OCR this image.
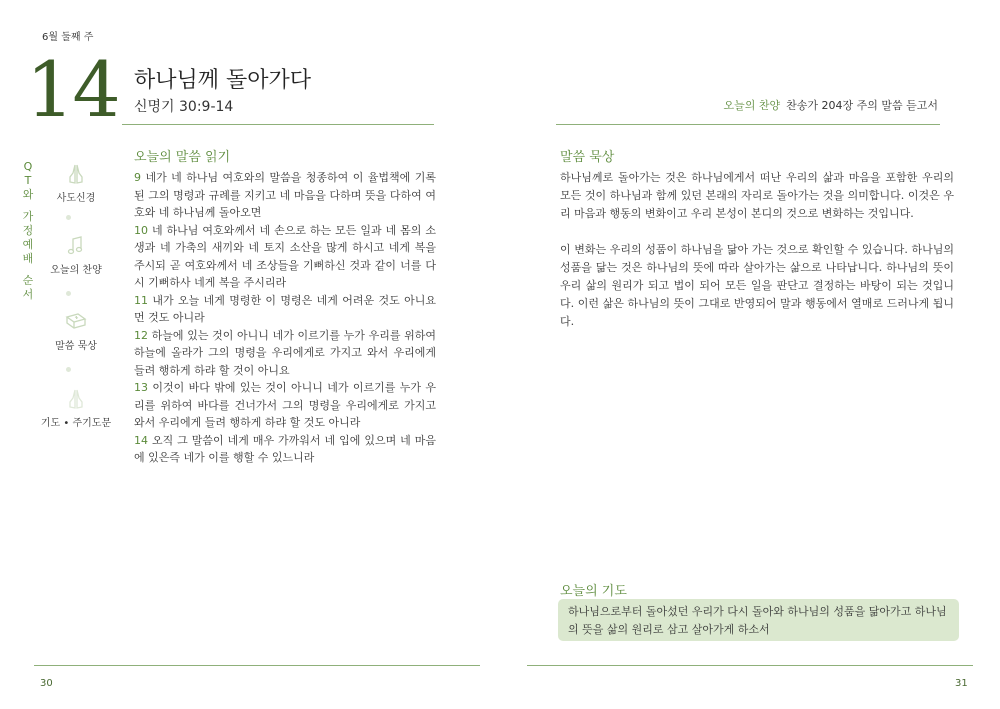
6월 둘째 주
14 하나님께 돌아가다
신명기 30:9-14
Q
T
와
가
정
예
배
순
서
사도신경
오늘의 찬양
말씀 묵상
기도 • 주기도문
오늘의 말씀 읽기
9 네가 네 하나님 여호와의 말씀을 청종하여 이 율법책에 기록된 그의 명령과 규례를 지키고 네 마음을 다하며 뜻을 다하여 여호와 네 하나님께 돌아오면
10 네 하나님 여호와께서 네 손으로 하는 모든 일과 네 몸의 소생과 네 가축의 새끼와 네 토지 소산을 많게 하시고 네게 복을 주시되 곧 여호와께서 네 조상들을 기뻐하신 것과 같이 너를 다시 기뻐하사 네게 복을 주시리라
11 내가 오늘 네게 명령한 이 명령은 네게 어려운 것도 아니요 먼 것도 아니라
12 하늘에 있는 것이 아니니 네가 이르기를 누가 우리를 위하여 하늘에 올라가 그의 명령을 우리에게로 가지고 와서 우리에게 들려 행하게 하랴 할 것이 아니요
13 이것이 바다 밖에 있는 것이 아니니 네가 이르기를 누가 우리를 위하여 바다를 건너가서 그의 명령을 우리에게로 가지고 와서 우리에게 들려 행하게 하랴 할 것도 아니라
14 오직 그 말씀이 네게 매우 가까워서 네 입에 있으며 네 마음에 있은즉 네가 이를 행할 수 있느니라
30
오늘의 찬양 찬송가 204장 주의 말씀 듣고서
말씀 묵상

하나님께로 돌아가는 것은 하나님에게서 떠난 우리의 삶과 마음을 포함한 우리의 모든 것이 하나님과 함께 있던 본래의 자리로 돌아가는 것을 의미합니다. 이것은 우리 마음과 행동의 변화이고 우리 본성이 본디의 것으로 변화하는 것입니다.

이 변화는 우리의 성품이 하나님을 닮아 가는 것으로 확인할 수 있습니다. 하나님의 성품을 닮는 것은 하나님의 뜻에 따라 살아가는 삶으로 나타납니다. 하나님의 뜻이 우리 삶의 원리가 되고 법이 되어 모든 일을 판단고 결정하는 바탕이 되는 것입니다. 이런 삶은 하나님의 뜻이 그대로 반영되어 말과 행동에서 열매로 드러나게 됩니다.

오늘의 기도
하나님으로부터 돌아섰던 우리가 다시 돌아와 하나님의 성품을 닮아가고 하나님의 뜻을 삶의 원리로 삼고 살아가게 하소서
31
